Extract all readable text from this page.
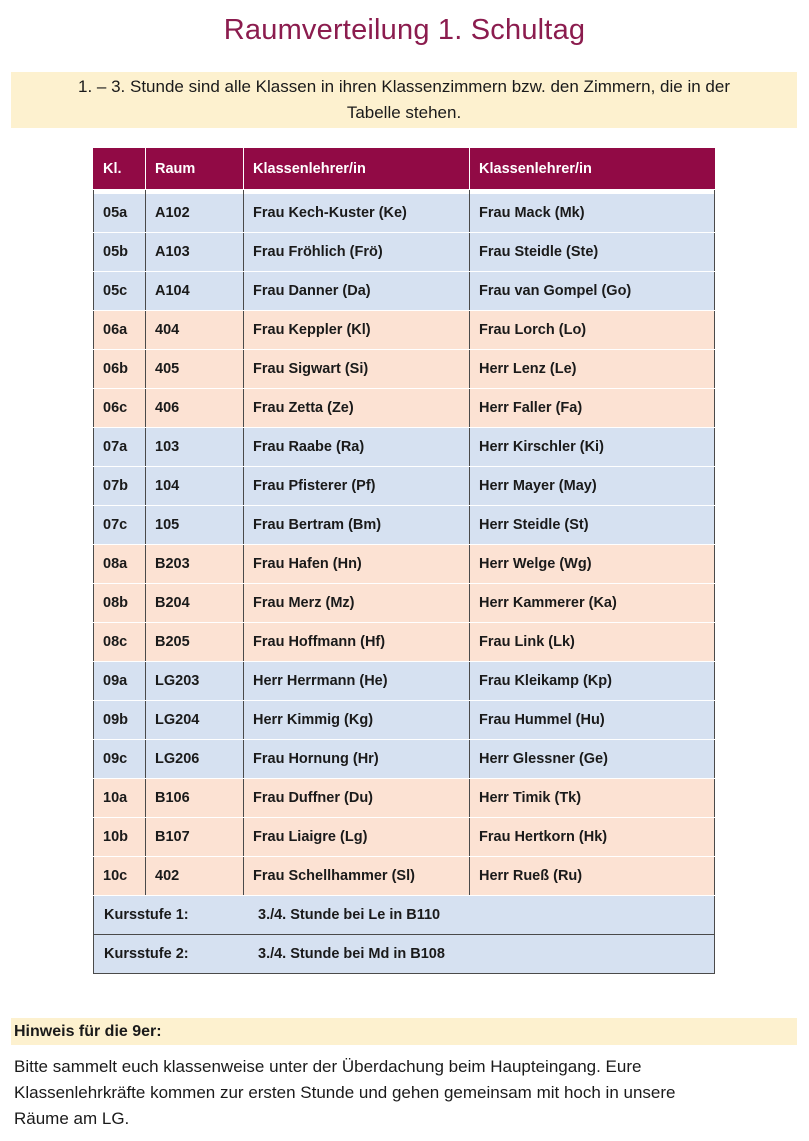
Raumverteilung 1. Schultag
1. – 3. Stunde sind alle Klassen in ihren Klassenzimmern bzw. den Zimmern, die in der
Tabelle stehen.
Kl.	Raum	Klassenlehrer/in	Klassenlehrer/in

05a	A102	Frau Kech-Kuster (Ke)	Frau Mack (Mk)
05b	A103	Frau Fröhlich (Frö)	Frau Steidle (Ste)
05c	A104	Frau Danner (Da)	Frau van Gompel (Go)
06a	404	Frau Keppler (Kl)	Frau Lorch (Lo)
06b	405	Frau Sigwart (Si)	Herr Lenz (Le)
06c	406	Frau Zetta (Ze)	Herr Faller (Fa)
07a	103	Frau Raabe (Ra)	Herr Kirschler (Ki)
07b	104	Frau Pfisterer (Pf)	Herr Mayer (May)
07c	105	Frau Bertram (Bm)	Herr Steidle (St)
08a	B203	Frau Hafen (Hn)	Herr Welge (Wg)
08b	B204	Frau Merz (Mz)	Herr Kammerer (Ka)
08c	B205	Frau Hoffmann (Hf)	Frau Link (Lk)
09a	LG203	Herr Herrmann (He)	Frau Kleikamp (Kp)
09b	LG204	Herr Kimmig (Kg)	Frau Hummel (Hu)
09c	LG206	Frau Hornung (Hr)	Herr Glessner (Ge)
10a	B106	Frau Duffner (Du)	Herr Timik (Tk)
10b	B107	Frau Liaigre (Lg)	Frau Hertkorn (Hk)
10c	402	Frau Schellhammer (Sl)	Herr Rueß (Ru)
Kursstufe 1: 3./4. Stunde bei Le in B110			
Kursstufe 2: 3./4. Stunde bei Md in B108			
Hinweis für die 9er:
Bitte sammelt euch klassenweise unter der Überdachung beim Haupteingang. Eure
Klassenlehrkräfte kommen zur ersten Stunde und gehen gemeinsam mit hoch in unsere
Räume am LG.
